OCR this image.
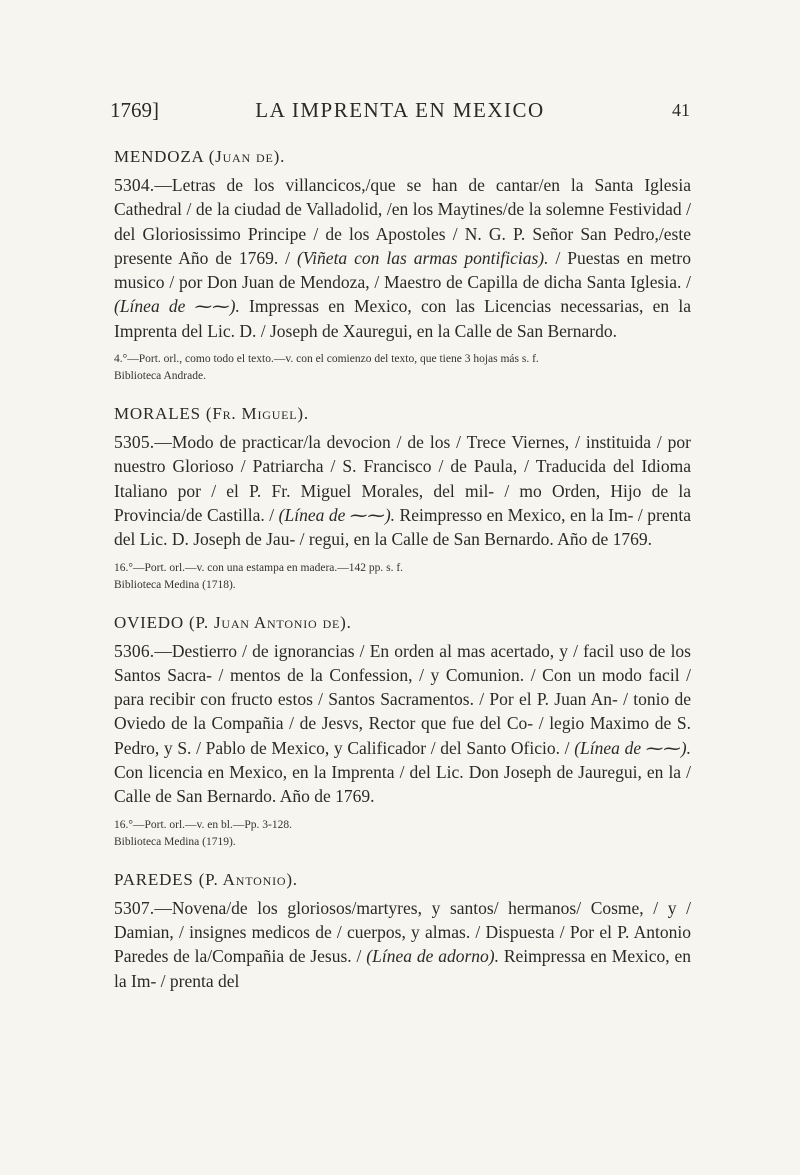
1769]	LA IMPRENTA EN MEXICO	41
MENDOZA (Juan de).

5304.—Letras de los villancicos,/que se han de cantar/en la Santa Iglesia Cathedral / de la ciudad de Valladolid, /en los Maytines/de la solemne Festividad / del Gloriosissimo Principe / de los Apostoles / N. G. P. Señor San Pedro,/este presente Año de 1769. / (Viñeta con las armas pontificias). / Puestas en metro musico / por Don Juan de Mendoza, / Maestro de Capilla de dicha Santa Iglesia. / (Línea de ⁓⁓). Impressas en Mexico, con las Licencias necessarias, en la Imprenta del Lic. D. / Joseph de Xauregui, en la Calle de San Bernardo.

4.°—Port. orl., como todo el texto.—v. con el comienzo del texto, que tiene 3 hojas más s. f.

Biblioteca Andrade.

MORALES (Fr. Miguel).

5305.—Modo de practicar/la devocion / de los / Trece Viernes, / instituida / por nuestro Glorioso / Patriarcha / S. Francisco / de Paula, / Traducida del Idioma Italiano por / el P. Fr. Miguel Morales, del mil- / mo Orden, Hijo de la Provincia/de Castilla. / (Línea de ⁓⁓). Reimpresso en Mexico, en la Im- / prenta del Lic. D. Joseph de Jau- / regui, en la Calle de San Bernardo. Año de 1769.

16.°—Port. orl.—v. con una estampa en madera.—142 pp. s. f.

Biblioteca Medina (1718).

OVIEDO (P. Juan Antonio de).

5306.—Destierro / de ignorancias / En orden al mas acertado, y / facil uso de los Santos Sacra- / mentos de la Confession, / y Comunion. / Con un modo facil / para recibir con fructo estos / Santos Sacramentos. / Por el P. Juan An- / tonio de Oviedo de la Compañia / de Jesvs, Rector que fue del Co- / legio Maximo de S. Pedro, y S. / Pablo de Mexico, y Calificador / del Santo Oficio. / (Línea de ⁓⁓). Con licencia en Mexico, en la Imprenta / del Lic. Don Joseph de Jauregui, en la / Calle de San Bernardo. Año de 1769.

16.°—Port. orl.—v. en bl.—Pp. 3-128.

Biblioteca Medina (1719).

PAREDES (P. Antonio).

5307.—Novena/de los gloriosos/martyres, y santos/ hermanos/ Cosme, / y / Damian, / insignes medicos de / cuerpos, y almas. / Dispuesta / Por el P. Antonio Paredes de la/Compañia de Jesus. / (Línea de adorno). Reimpressa en Mexico, en la Im- / prenta del
